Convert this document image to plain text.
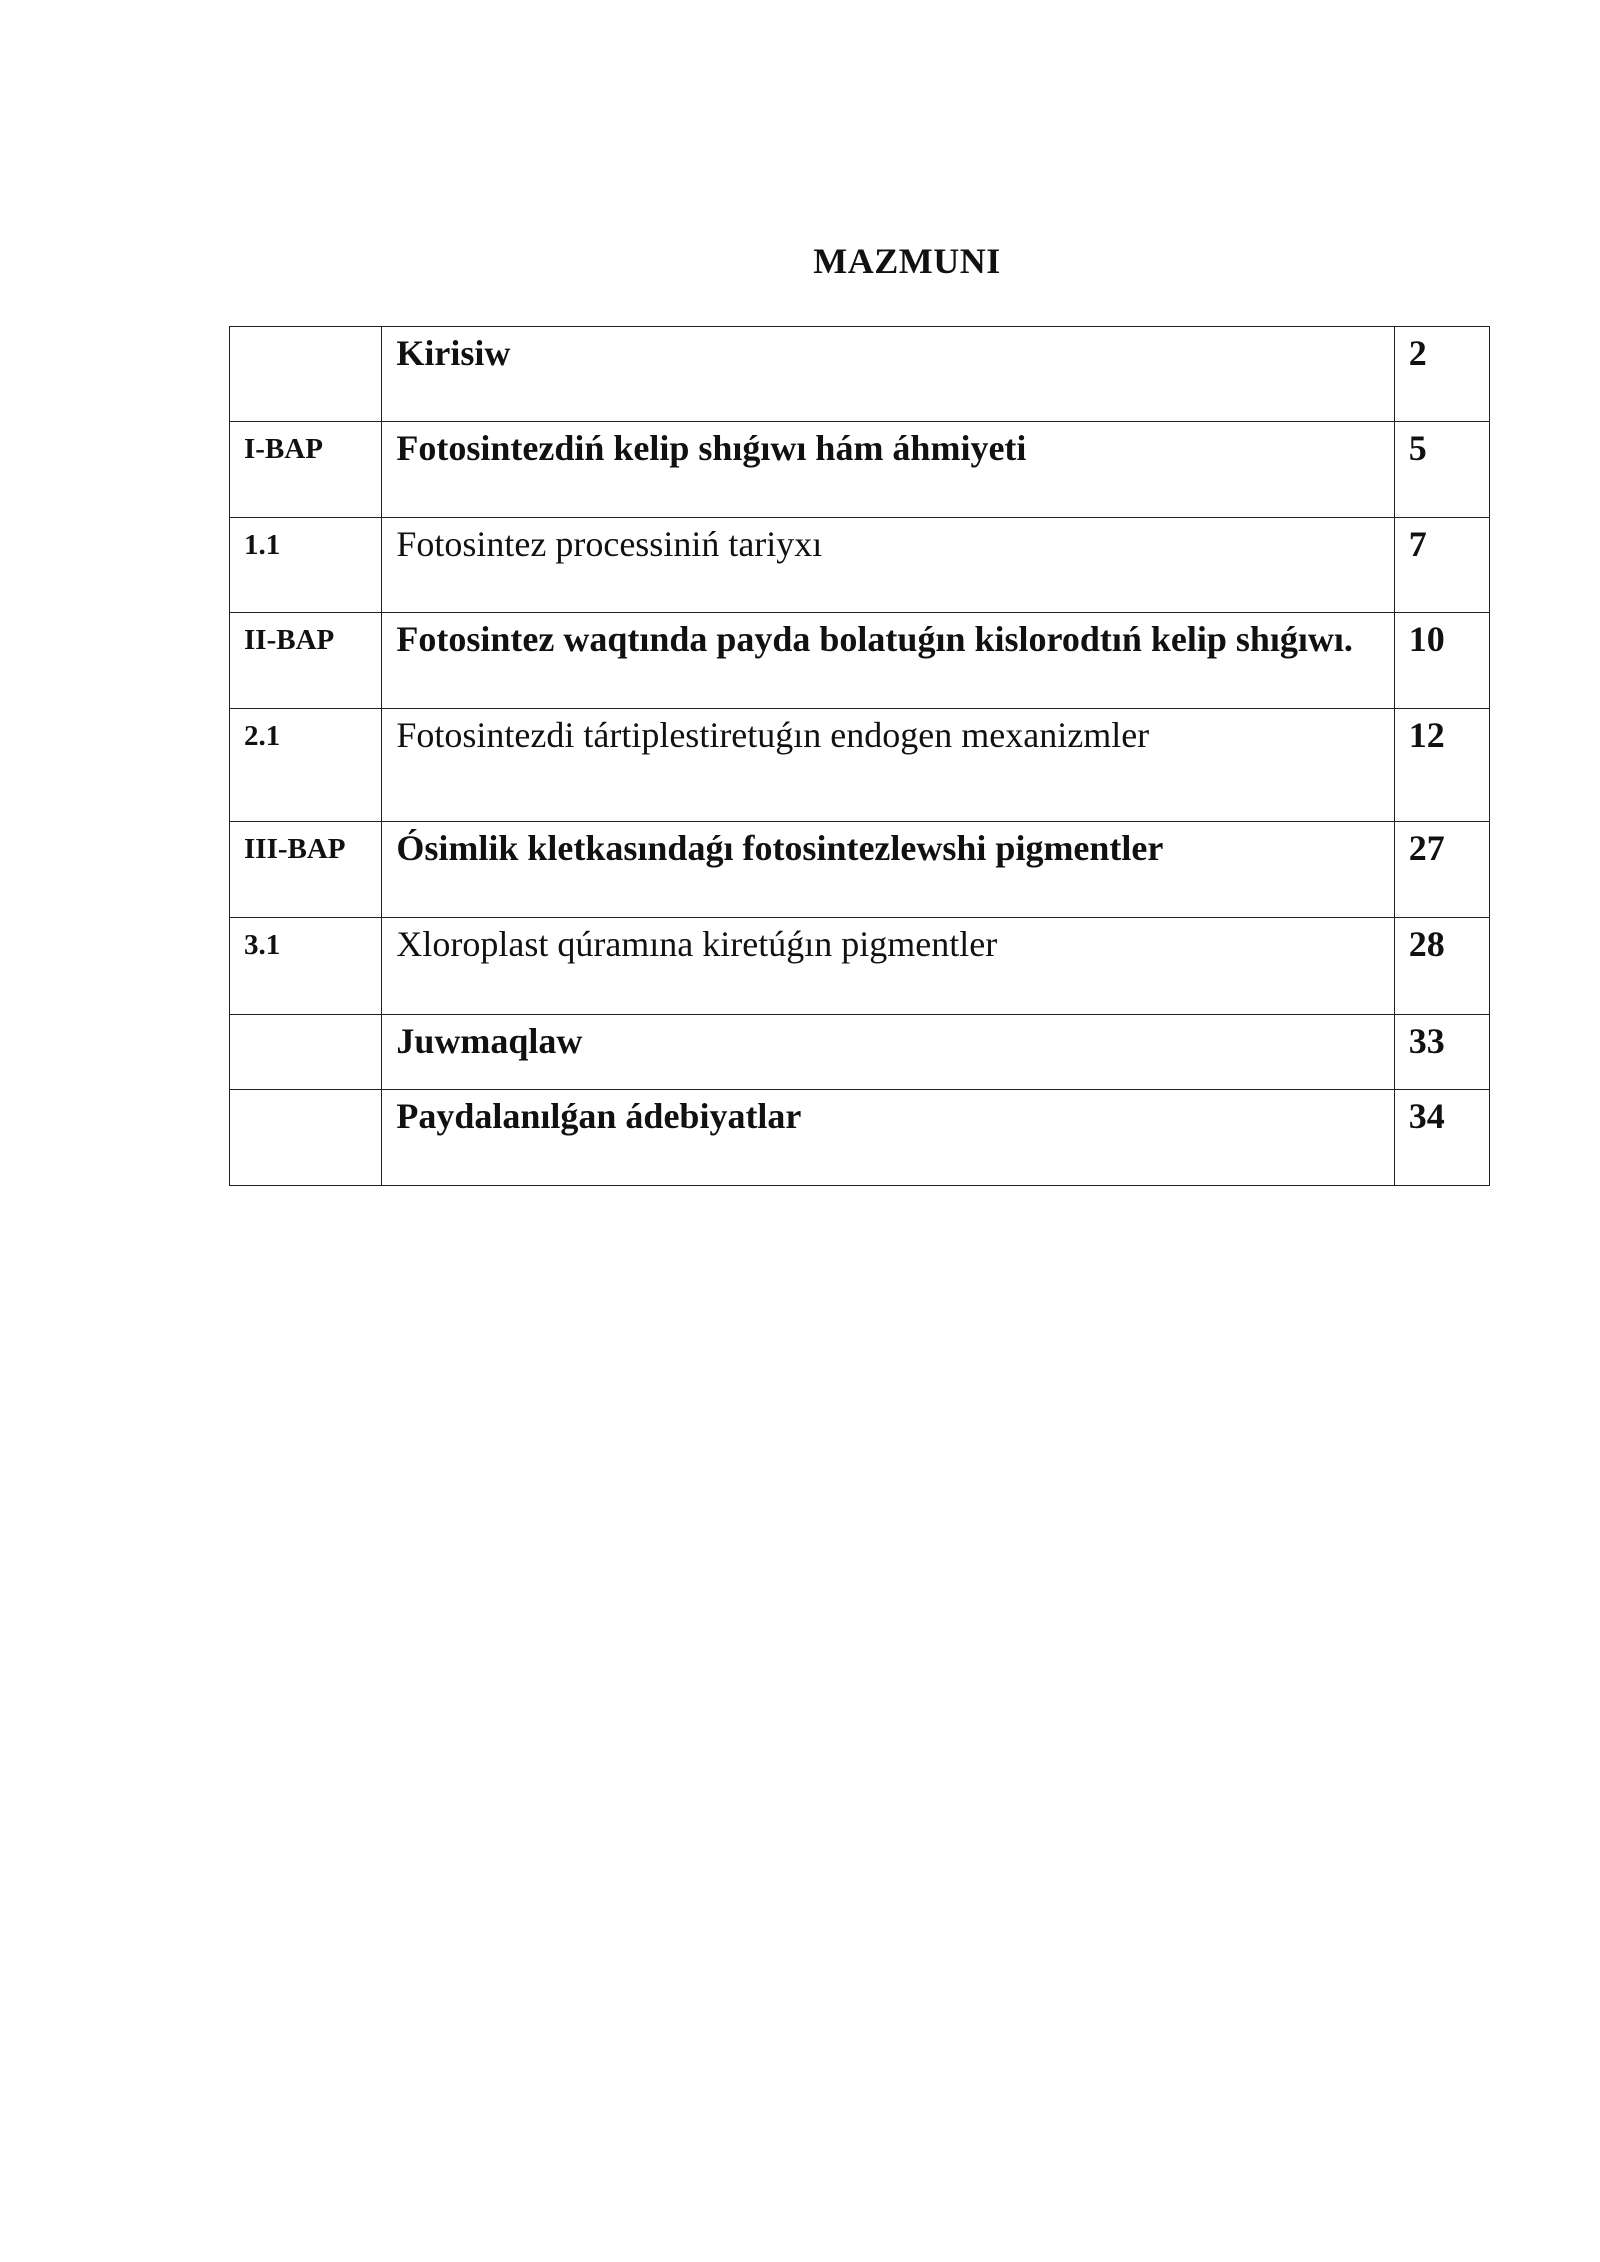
MAZMUNI
	Kirisiw	2
I-BAP	Fotosintezdiń kelip shıǵıwı hám áhmiyeti	5
1.1	Fotosintez processiniń tariyxı	7
II-BAP	Fotosintez waqtında payda bolatuǵın kislorodtıń kelip shıǵıwı.	10
2.1	Fotosintezdi tártiplestiretuǵın endogen mexanizmler	12
III-BAP	Ósimlik kletkasındaǵı fotosintezlewshi pigmentler	27
3.1	Xloroplast qúramına kiretúǵın pigmentler	28
	Juwmaqlaw	33
	Paydalanılǵan ádebiyatlar	34
